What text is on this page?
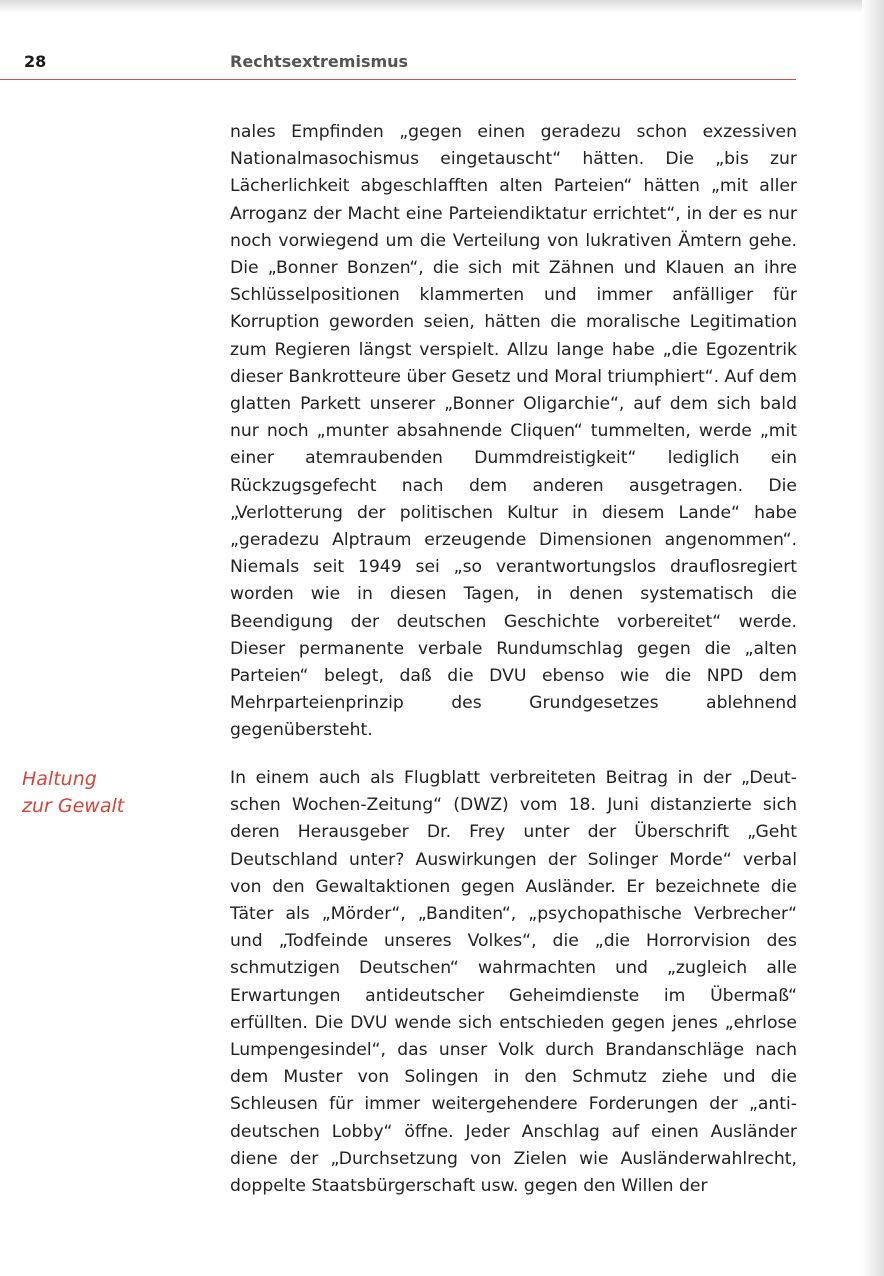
28	Rechtsextremismus
Haltung
zur Gewalt

nales Empfinden „gegen einen geradezu schon exzessiven Nationalmasochismus eingetauscht“ hätten. Die „bis zur Lächerlichkeit abgeschlafften alten Parteien“ hätten „mit aller Arroganz der Macht eine Parteiendiktatur errichtet“, in der es nur noch vorwiegend um die Verteilung von lukrativen Ämtern gehe. Die „Bonner Bonzen“, die sich mit Zähnen und Klauen an ihre Schlüsselpositionen klammerten und immer anfälliger für Korruption geworden seien, hätten die moralische Legitimation zum Regieren längst verspielt. Allzu lange habe „die Egozentrik dieser Bankrotteure über Gesetz und Moral triumphiert“. Auf dem glatten Parkett unserer „Bonner Oligarchie“, auf dem sich bald nur noch „munter absahnende Cliquen“ tummelten, werde „mit einer atemraubenden Dummdreistigkeit“ lediglich ein Rückzugsgefecht nach dem anderen ausgetragen. Die „Verlotterung der politischen Kultur in diesem Lande“ habe „geradezu Alptraum erzeugende Dimensionen angenommen“. Niemals seit 1949 sei „so verantwortungslos drauflosregiert worden wie in diesen Tagen, in denen systematisch die Beendigung der deutschen Geschichte vorbereitet“ werde. Dieser permanente verbale Rundumschlag gegen die „alten Parteien“ belegt, daß die DVU ebenso wie die NPD dem Mehrparteienprinzip des Grundgesetzes ablehnend gegenübersteht.

In einem auch als Flugblatt verbreiteten Beitrag in der „Deutschen Wochen-Zeitung“ (DWZ) vom 18. Juni distanzierte sich deren Herausgeber Dr. Frey unter der Überschrift „Geht Deutschland unter? Auswirkungen der Solinger Morde“ verbal von den Gewaltaktionen gegen Ausländer. Er bezeichnete die Täter als „Mörder“, „Banditen“, „psychopathische Verbrecher“ und „Todfeinde unseres Volkes“, die „die Horrorvision des schmutzigen Deutschen“ wahrmachten und „zugleich alle Erwartungen antideutscher Geheimdienste im Übermaß“ erfüllten. Die DVU wende sich entschieden gegen jenes „ehrlose Lumpengesindel“, das unser Volk durch Brandanschläge nach dem Muster von Solingen in den Schmutz ziehe und die Schleusen für immer weitergehendere Forderungen der „antideutschen Lobby“ öffne. Jeder Anschlag auf einen Ausländer diene der „Durchsetzung von Zielen wie Ausländerwahlrecht, doppelte Staatsbürgerschaft usw. gegen den Willen der
